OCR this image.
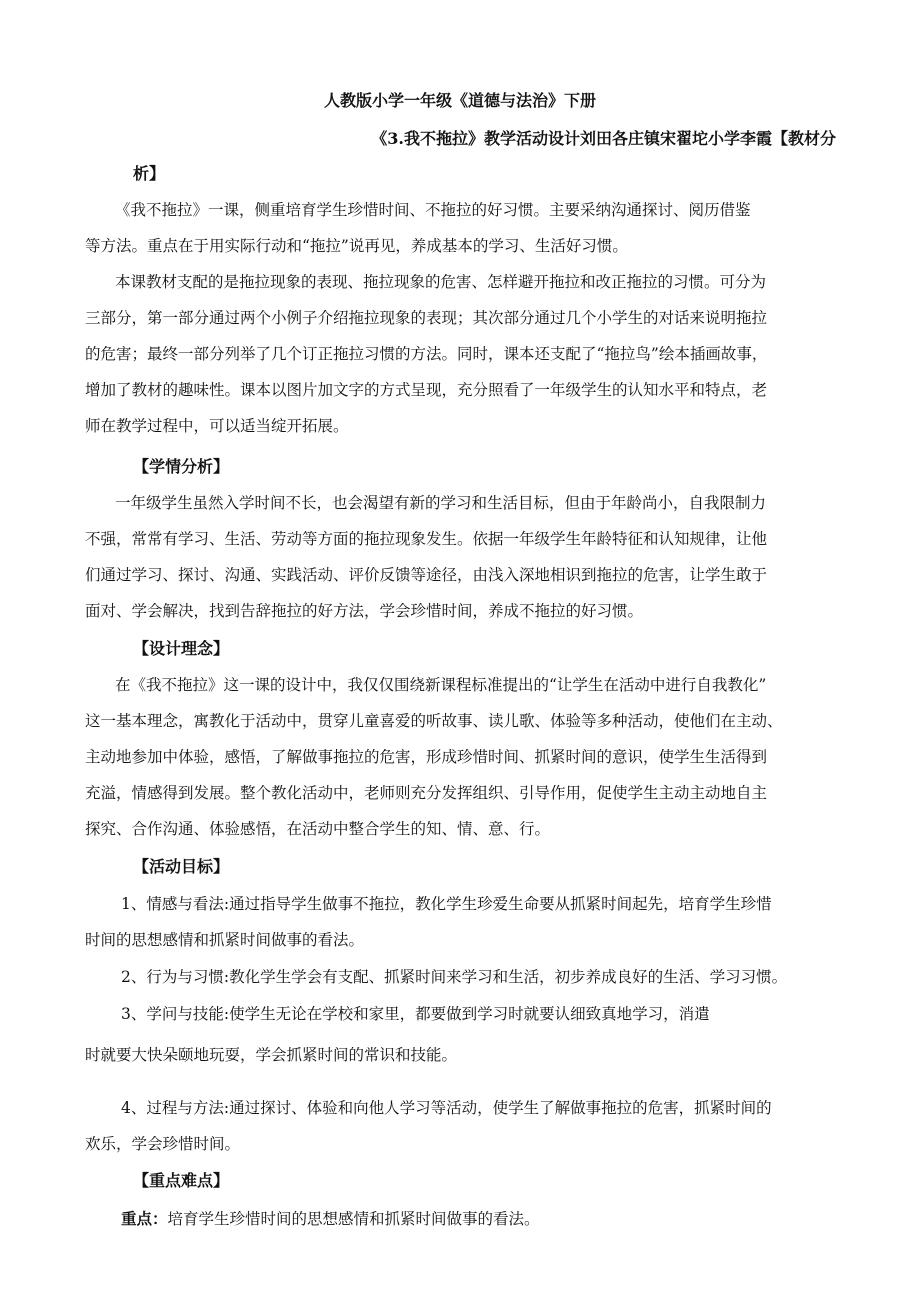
人教版小学一年级《道德与法治》下册
《3.我不拖拉》教学活动设计刘田各庄镇宋翟坨小学李霞【教材分
析】
《我不拖拉》一课，侧重培育学生珍惜时间、不拖拉的好习惯。主要采纳沟通探讨、阅历借鉴
等方法。重点在于用实际行动和“拖拉”说再见，养成基本的学习、生活好习惯。
本课教材支配的是拖拉现象的表现、拖拉现象的危害、怎样避开拖拉和改正拖拉的习惯。可分为
三部分，第一部分通过两个小例子介绍拖拉现象的表现；其次部分通过几个小学生的对话来说明拖拉
的危害；最终一部分列举了几个订正拖拉习惯的方法。同时，课本还支配了“拖拉鸟”绘本插画故事，
增加了教材的趣味性。课本以图片加文字的方式呈现，充分照看了一年级学生的认知水平和特点，老
师在教学过程中，可以适当绽开拓展。
【学情分析】
一年级学生虽然入学时间不长，也会渴望有新的学习和生活目标，但由于年龄尚小，自我限制力
不强，常常有学习、生活、劳动等方面的拖拉现象发生。依据一年级学生年龄特征和认知规律，让他
们通过学习、探讨、沟通、实践活动、评价反馈等途径，由浅入深地相识到拖拉的危害，让学生敢于
面对、学会解决，找到告辞拖拉的好方法，学会珍惜时间，养成不拖拉的好习惯。
【设计理念】
在《我不拖拉》这一课的设计中，我仅仅围绕新课程标准提出的“让学生在活动中进行自我教化”
这一基本理念，寓教化于活动中，贯穿儿童喜爱的听故事、读儿歌、体验等多种活动，使他们在主动、
主动地参加中体验，感悟，了解做事拖拉的危害，形成珍惜时间、抓紧时间的意识，使学生生活得到
充溢，情感得到发展。整个教化活动中，老师则充分发挥组织、引导作用，促使学生主动主动地自主
探究、合作沟通、体验感悟，在活动中整合学生的知、情、意、行。
【活动目标】
1、情感与看法:通过指导学生做事不拖拉，教化学生珍爱生命要从抓紧时间起先，培育学生珍惜
时间的思想感情和抓紧时间做事的看法。
2、行为与习惯:教化学生学会有支配、抓紧时间来学习和生活，初步养成良好的生活、学习习惯。
3、学问与技能:使学生无论在学校和家里，都要做到学习时就要认细致真地学习，消遣
时就要大快朵颐地玩耍，学会抓紧时间的常识和技能。
4、过程与方法:通过探讨、体验和向他人学习等活动，使学生了解做事拖拉的危害，抓紧时间的
欢乐，学会珍惜时间。
【重点难点】
重点：培育学生珍惜时间的思想感情和抓紧时间做事的看法。
